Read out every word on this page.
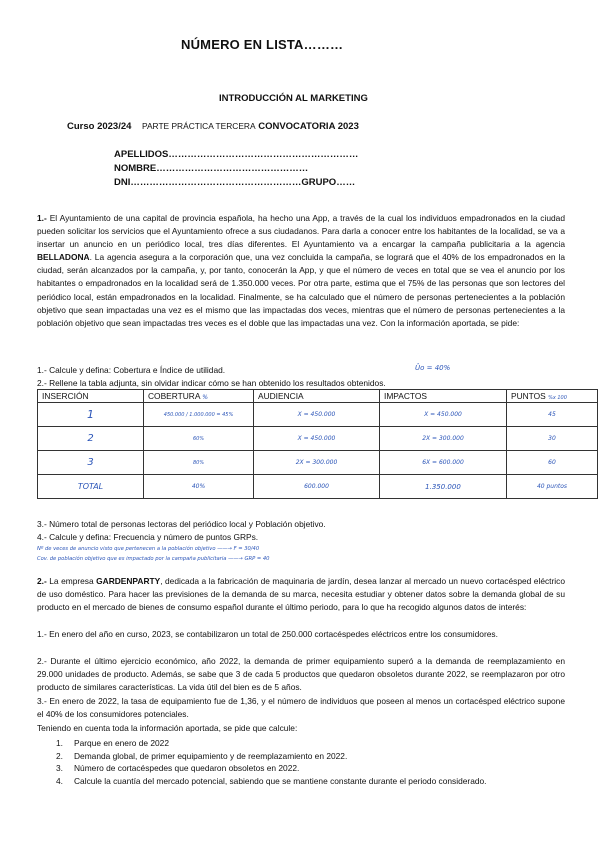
NÚMERO EN LISTA………
INTRODUCCIÓN AL MARKETING
Curso 2023/24 PARTE PRÁCTICA TERCERA CONVOCATORIA 2023
APELLIDOS……………………………………………………
NOMBRE…………………………………………
DNI………………………………………………GRUPO……
1.- El Ayuntamiento de una capital de provincia española, ha hecho una App, a través de la cual los individuos empadronados en la ciudad pueden solicitar los servicios que el Ayuntamiento ofrece a sus ciudadanos. Para darla a conocer entre los habitantes de la localidad, se va a insertar un anuncio en un periódico local, tres días diferentes. El Ayuntamiento va a encargar la campaña publicitaria a la agencia BELLADONA. La agencia asegura a la corporación que, una vez concluida la campaña, se logrará que el 40% de los empadronados en la ciudad, serán alcanzados por la campaña, y, por tanto, conocerán la App, y que el número de veces en total que se vea el anuncio por los habitantes o empadronados en la localidad será de 1.350.000 veces. Por otra parte, estima que el 75% de las personas que son lectores del periódico local, están empadronados en la localidad. Finalmente, se ha calculado que el número de personas pertenecientes a la población objetivo que sean impactadas una vez es el mismo que las impactadas dos veces, mientras que el número de personas pertenecientes a la población objetivo que sean impactadas tres veces es el doble que las impactadas una vez. Con la información aportada, se pide:
1.- Calcule y defina: Cobertura e Índice de utilidad.	Ûo = 40%
2.- Rellene la tabla adjunta, sin olvidar indicar cómo se han obtenido los resultados obtenidos.
INSERCIÓN	COBERTURA %	AUDIENCIA	IMPACTOS	PUNTOS %x 100
1	450.000 / 1.000.000 = 45%	X = 450.000	X = 450.000	45
2	60%	X = 450.000	2X = 300.000	30
3	80%	2X = 300.000	6X = 600.000	60
TOTAL	40%	600.000	1.350.000	40 puntos
3.- Número total de personas lectoras del periódico local y Población objetivo.
4.- Calcule y defina: Frecuencia y número de puntos GRPs.
Nº de veces de anuncio visto que pertenecen a la población objetivo ——→ F = 30/40
Cov. de población objetivo que es impactado por la campaña publicitaria ——→ GRP = 40
2.- La empresa GARDENPARTY, dedicada a la fabricación de maquinaria de jardín, desea lanzar al mercado un nuevo cortacésped eléctrico de uso doméstico. Para hacer las previsiones de la demanda de su marca, necesita estudiar y obtener datos sobre la demanda global de su producto en el mercado de bienes de consumo español durante el último periodo, para lo que ha recogido algunos datos de interés:
1.- En enero del año en curso, 2023, se contabilizaron un total de 250.000 cortacéspedes eléctricos entre los consumidores.
2.- Durante el último ejercicio económico, año 2022, la demanda de primer equipamiento superó a la demanda de reemplazamiento en 29.000 unidades de producto. Además, se sabe que 3 de cada 5 productos que quedaron obsoletos durante 2022, se reemplazaron por otro producto de similares características. La vida útil del bien es de 5 años.
3.- En enero de 2022, la tasa de equipamiento fue de 1,36, y el número de individuos que poseen al menos un cortacésped eléctrico supone el 40% de los consumidores potenciales.
Teniendo en cuenta toda la información aportada, se pide que calcule:
1. Parque en enero de 2022
2. Demanda global, de primer equipamiento y de reemplazamiento en 2022.
3. Número de cortacéspedes que quedaron obsoletos en 2022.
4. Calcule la cuantía del mercado potencial, sabiendo que se mantiene constante durante el periodo considerado.
